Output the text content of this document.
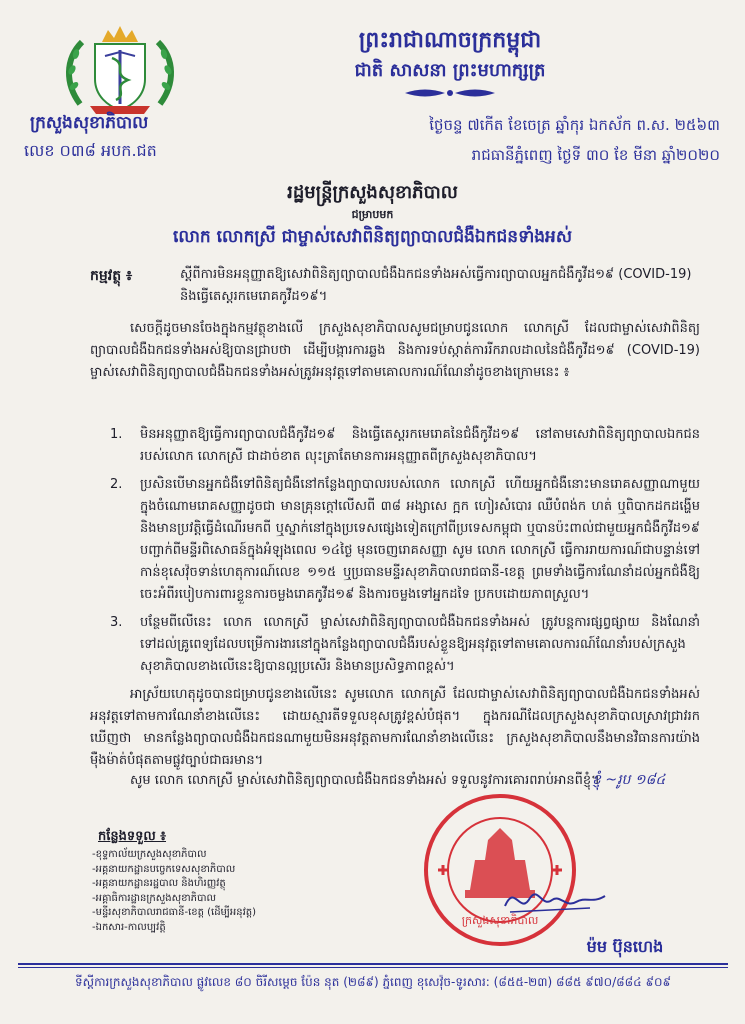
ព្រះរាជាណាចក្រកម្ពុជា
ជាតិ សាសនា ព្រះមហាក្សត្រ
ក្រសួងសុខាភិបាល
លេខ ០៣៨ អបក.ជត
ថ្ងៃចន្ទ ៧កើត ខែចេត្រ ឆ្នាំកុរ ឯកស័ក ព.ស. ២៥៦៣
រាជធានីភ្នំពេញ ថ្ងៃទី ៣០ ខែ មីនា ឆ្នាំ២០២០
រដ្ឋមន្ត្រីក្រសួងសុខាភិបាល
ជម្រាបមក
លោក លោកស្រី ជាម្ចាស់សេវាពិនិត្យព្យាបាលជំងឺឯកជនទាំងអស់
កម្មវត្ថុ ៖	ស្តីពីការមិនអនុញ្ញាតឱ្យសេវាពិនិត្យព្យាបាលជំងឺឯកជនទាំងអស់ធ្វើការព្យាបាលអ្នកជំងឺកូវីដ១៩ (COVID-19) និងធ្វើតេស្តរកមេរោគកូវីដ១៩។
សេចក្តីដូចមានចែងក្នុងកម្មវត្ថុខាងលើ ក្រសួងសុខាភិបាលសូមជម្រាបជូនលោក លោកស្រី ដែលជាម្ចាស់សេវាពិនិត្យព្យាបាលជំងឺឯកជនទាំងអស់ឱ្យបានជ្រាបថា ដើម្បីបង្ការការឆ្លង និងការទប់ស្កាត់ការរីករាលដាលនៃជំងឺកូវីដ១៩ (COVID-19) ម្ចាស់សេវាពិនិត្យព្យាបាលជំងឺឯកជនទាំងអស់ត្រូវអនុវត្តទៅតាមគោលការណ៍ណែនាំដូចខាងក្រោមនេះ ៖
1.	មិនអនុញ្ញាតឱ្យធ្វើការព្យាបាលជំងឺកូវីដ១៩ និងធ្វើតេស្តរកមេរោគនៃជំងឺកូវីដ១៩ នៅតាមសេវាពិនិត្យព្យាបាលឯកជនរបស់លោក លោកស្រី ជាដាច់ខាត លុះត្រាតែមានការអនុញ្ញាតពីក្រសួងសុខាភិបាល។
2.	ប្រសិនបើមានអ្នកជំងឺទៅពិនិត្យជំងឺនៅកន្លែងព្យាបាលរបស់លោក លោកស្រី ហើយអ្នកជំងឺនោះមានរោគសញ្ញាណាមួយក្នុងចំណោមរោគសញ្ញាដូចជា មានគ្រុនក្តៅលើសពី ៣៨ អង្សាសេ ក្អក ហៀរសំបោរ ឈឺបំពង់ក ហត់ ឬពិបាកដកដង្ហើម និងមានប្រវត្តិធ្វើដំណើរមកពី ឬស្នាក់នៅក្នុងប្រទេសផ្សេងទៀតក្រៅពីប្រទេសកម្ពុជា ឬបានប៉ះពាល់ជាមួយអ្នកជំងឺកូវីដ១៩ បញ្ជាក់ពីមន្ទីរពិសោធន៍ក្នុងអំឡុងពេល ១៤ថ្ងៃ មុនចេញរោគសញ្ញា សូម លោក លោកស្រី ធ្វើការរាយការណ៍ជាបន្ទាន់ទៅកាន់ខុសេវ៉ុចទាន់ហេតុការណ៍លេខ ១១៥ ឬប្រធានមន្ទីរសុខាភិបាលរាជធានី-ខេត្ត ព្រមទាំងធ្វើការណែនាំដល់អ្នកជំងឺឱ្យចេះអំពីរបៀបការពារខ្លួនការចម្លងរោគកូវីដ១៩ និងការចម្លងទៅអ្នកដទៃ ប្រកបដោយភាពស្រួល។
3.	បន្ថែមពីលើនេះ លោក លោកស្រី ម្ចាស់សេវាពិនិត្យព្យាបាលជំងឺឯកជនទាំងអស់ ត្រូវបន្តការផ្សព្វផ្សាយ និងណែនាំទៅដល់គ្រូពេទ្យដែលបម្រើការងារនៅក្នុងកន្លែងព្យាបាលជំងឺរបស់ខ្លួនឱ្យអនុវត្តទៅតាមគោលការណ៍ណែនាំរបស់ក្រសួងសុខាភិបាលខាងលើនេះឱ្យបានល្អប្រសើរ និងមានប្រសិទ្ធភាពខ្ពស់។
អាស្រ័យហេតុដូចបានជម្រាបជូនខាងលើនេះ សូមលោក លោកស្រី ដែលជាម្ចាស់សេវាពិនិត្យព្យាបាលជំងឺឯកជនទាំងអស់ អនុវត្តទៅតាមការណែនាំខាងលើនេះ ដោយស្មារតីទទួលខុសត្រូវខ្ពស់បំផុត។ ក្នុងករណីដែលក្រសួងសុខាភិបាលស្រាវជ្រាវរកឃើញថា មានកន្លែងព្យាបាលជំងឺឯកជនណាមួយមិនអនុវត្តតាមការណែនាំខាងលើនេះ ក្រសួងសុខាភិបាលនឹងមានវិធានការយ៉ាងម៉ឺងម៉ាត់បំផុតតាមផ្លូវច្បាប់ជាធរមាន។
សូម លោក លោកស្រី ម្ចាស់សេវាពិនិត្យព្យាបាលជំងឺឯកជនទាំងអស់ ទទួលនូវការគោរពរាប់អានពីខ្ញុំ។
ខ្ញុំ ~រូប ១៨៤
កន្លែងទទួល ៖
-ខុទ្ទកាល័យក្រសួងសុខាភិបាល
-អគ្គនាយកដ្ឋានបច្ចេកទេសសុខាភិបាល
-អគ្គនាយកដ្ឋានរដ្ឋបាល និងហិរញ្ញវត្ថុ
-អគ្គាធិការដ្ឋានក្រសួងសុខាភិបាល
-មន្ទីរសុខាភិបាលរាជធានី-ខេត្ត (ដើម្បីអនុវត្ត)
-ឯកសារ-កាលប្បវត្តិ	ក្រសួងសុខាភិបាល
ម៉ម ប៊ុនហេង
ទីស្តីការក្រសួងសុខាភិបាល ផ្លូវលេខ ៨០ ចិរីសម្តេច ប៉ែន នុត (២៨៩) ភ្នំពេញ ខុសេវ៉ុច-ទូរសារ: (៨៥៥-២៣) ៨៨៥ ៩៧០/៨៨៤ ៩០៩
